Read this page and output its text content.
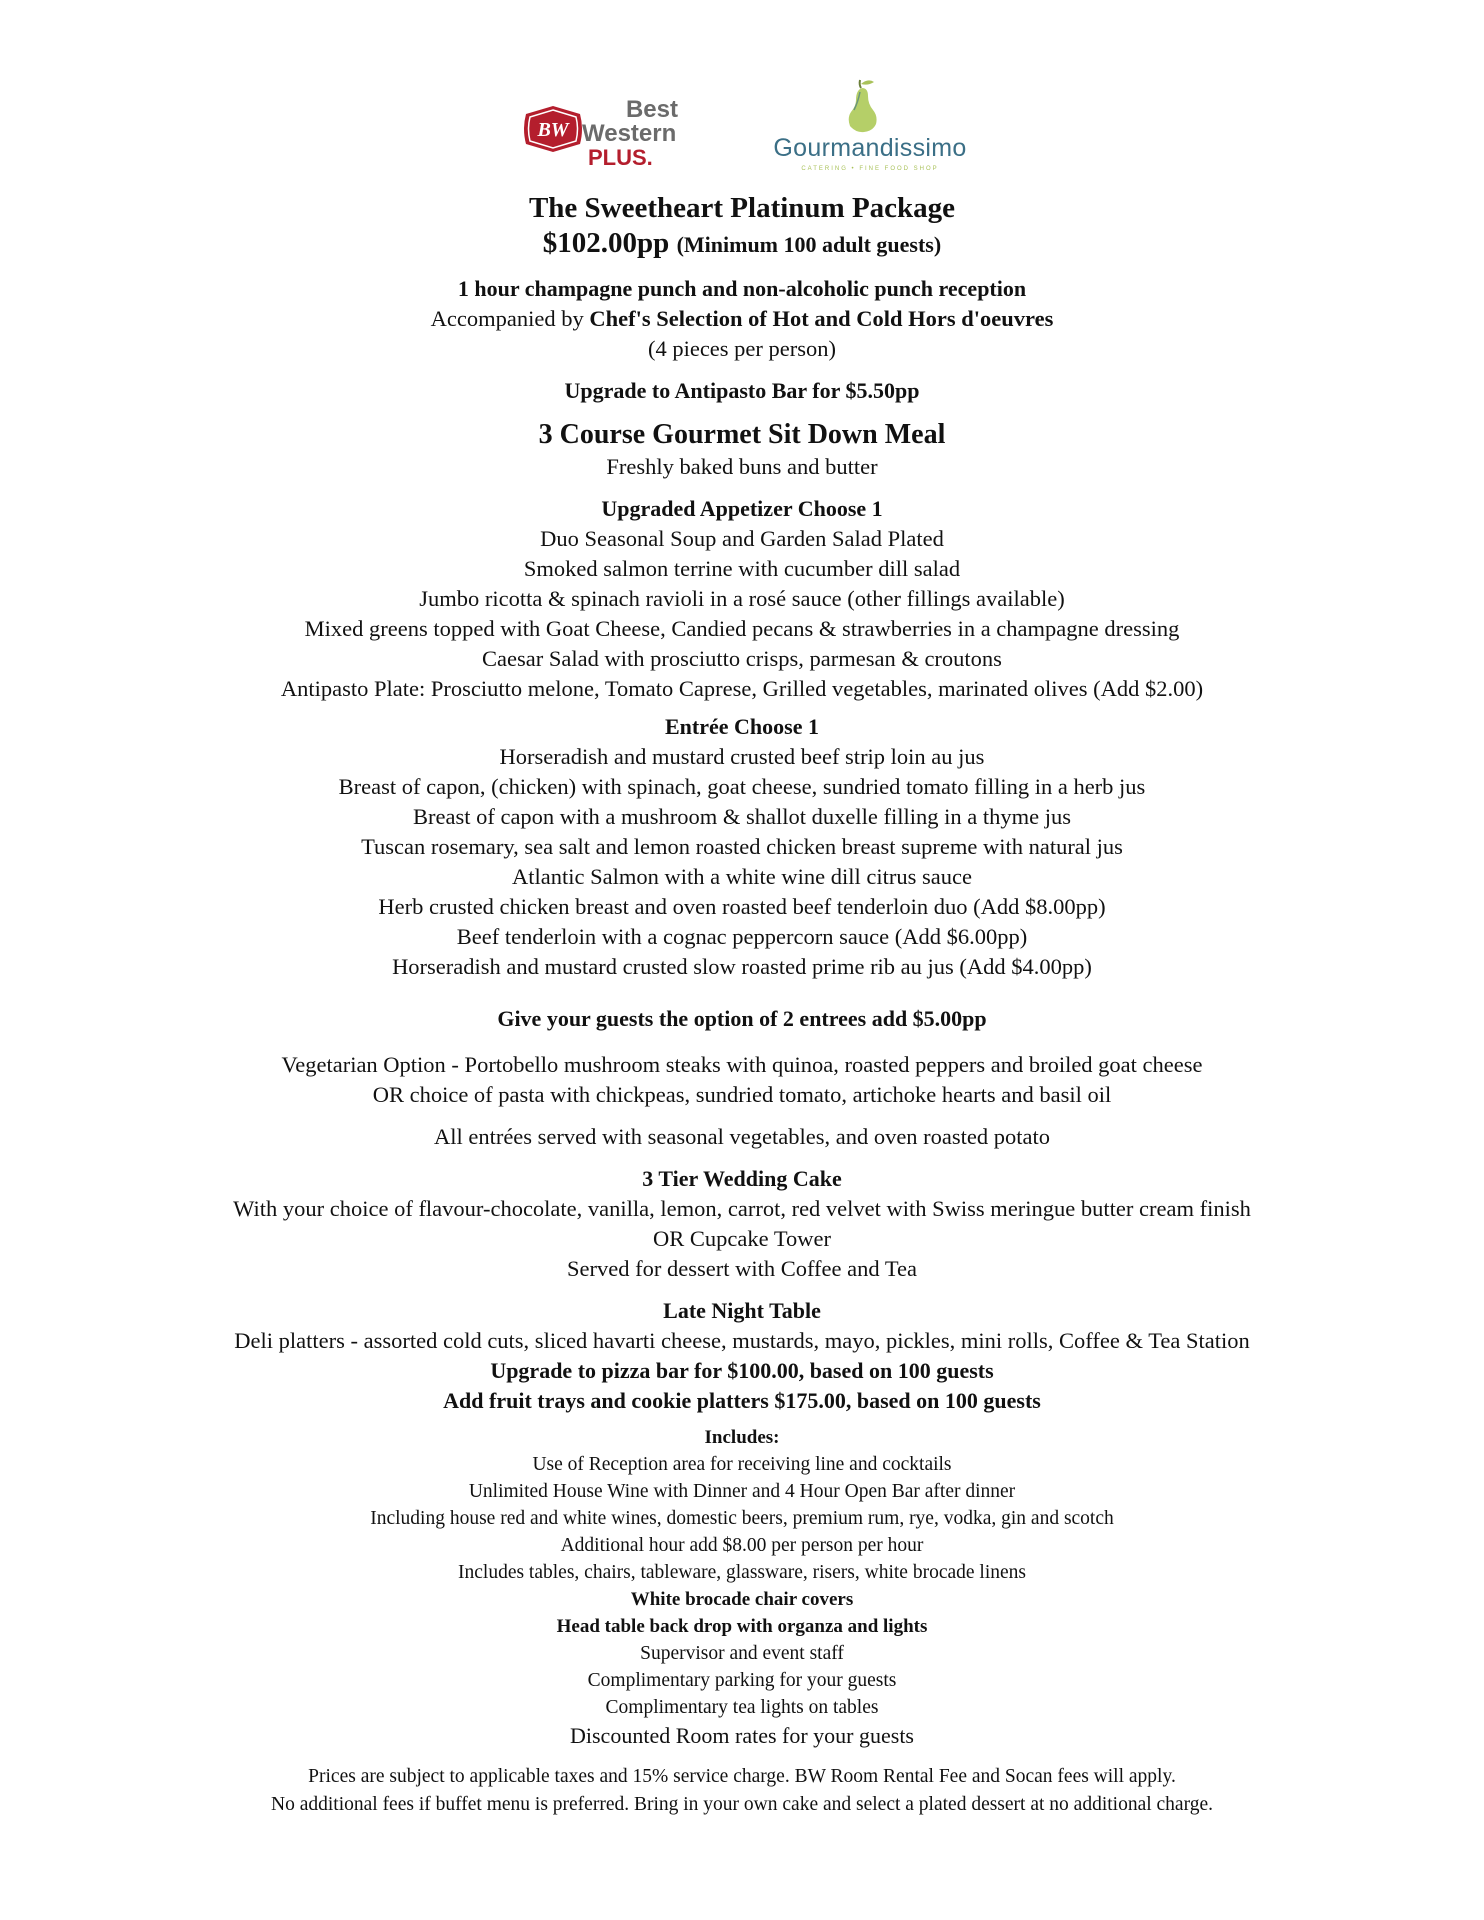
BW
Best
Western
PLUS.	Gourmandissimo
CATERING • FINE FOOD SHOP
The Sweetheart Platinum Package
$102.00pp (Minimum 100 adult guests)
1 hour champagne punch and non-alcoholic punch reception
Accompanied by Chef's Selection of Hot and Cold Hors d'oeuvres
(4 pieces per person)
Upgrade to Antipasto Bar for $5.50pp
3 Course Gourmet Sit Down Meal
Freshly baked buns and butter
Upgraded Appetizer Choose 1
Duo Seasonal Soup and Garden Salad Plated
Smoked salmon terrine with cucumber dill salad
Jumbo ricotta & spinach ravioli in a rosé sauce (other fillings available)
Mixed greens topped with Goat Cheese, Candied pecans & strawberries in a champagne dressing
Caesar Salad with prosciutto crisps, parmesan & croutons
Antipasto Plate: Prosciutto melone, Tomato Caprese, Grilled vegetables, marinated olives (Add $2.00)
Entrée Choose 1
Horseradish and mustard crusted beef strip loin au jus
Breast of capon, (chicken) with spinach, goat cheese, sundried tomato filling in a herb jus
Breast of capon with a mushroom & shallot duxelle filling in a thyme jus
Tuscan rosemary, sea salt and lemon roasted chicken breast supreme with natural jus
Atlantic Salmon with a white wine dill citrus sauce
Herb crusted chicken breast and oven roasted beef tenderloin duo (Add $8.00pp)
Beef tenderloin with a cognac peppercorn sauce (Add $6.00pp)
Horseradish and mustard crusted slow roasted prime rib au jus (Add $4.00pp)
Give your guests the option of 2 entrees add $5.00pp
Vegetarian Option - Portobello mushroom steaks with quinoa, roasted peppers and broiled goat cheese
OR choice of pasta with chickpeas, sundried tomato, artichoke hearts and basil oil
All entrées served with seasonal vegetables, and oven roasted potato
3 Tier Wedding Cake
With your choice of flavour-chocolate, vanilla, lemon, carrot, red velvet with Swiss meringue butter cream finish
OR Cupcake Tower
Served for dessert with Coffee and Tea
Late Night Table
Deli platters - assorted cold cuts, sliced havarti cheese, mustards, mayo, pickles, mini rolls, Coffee & Tea Station
Upgrade to pizza bar for $100.00, based on 100 guests
Add fruit trays and cookie platters $175.00, based on 100 guests
Includes:
Use of Reception area for receiving line and cocktails
Unlimited House Wine with Dinner and 4 Hour Open Bar after dinner
Including house red and white wines, domestic beers, premium rum, rye, vodka, gin and scotch
Additional hour add $8.00 per person per hour
Includes tables, chairs, tableware, glassware, risers, white brocade linens
White brocade chair covers
Head table back drop with organza and lights
Supervisor and event staff
Complimentary parking for your guests
Complimentary tea lights on tables
Discounted Room rates for your guests
Prices are subject to applicable taxes and 15% service charge. BW Room Rental Fee and Socan fees will apply.
No additional fees if buffet menu is preferred. Bring in your own cake and select a plated dessert at no additional charge.
